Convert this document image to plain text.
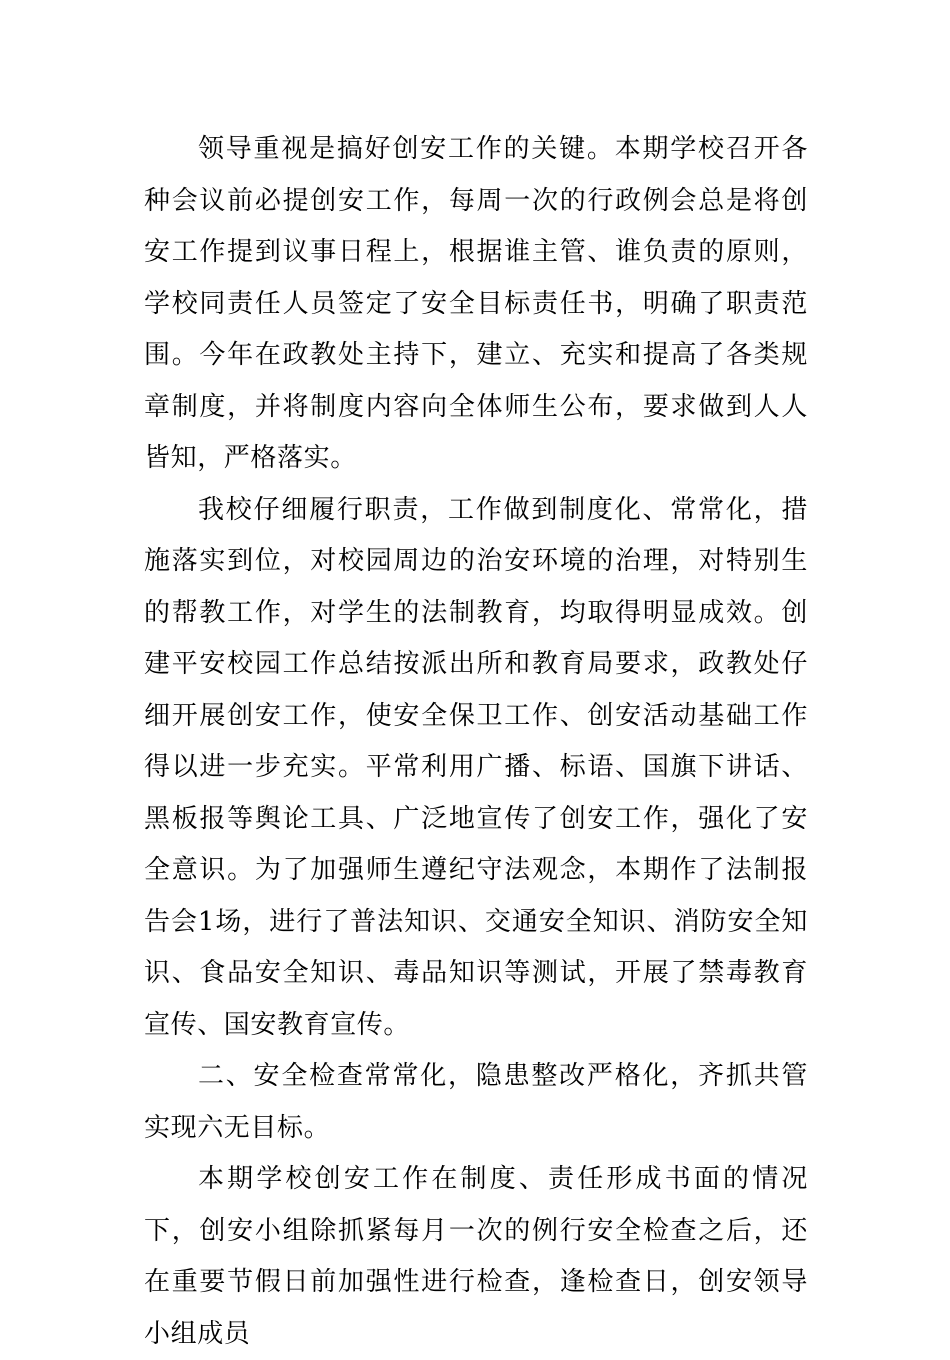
领导重视是搞好创安工作的关键。本期学校召开各种会议前必提创安工作，每周一次的行政例会总是将创安工作提到议事日程上，根据谁主管、谁负责的原则，学校同责任人员签定了安全目标责任书，明确了职责范围。今年在政教处主持下，建立、充实和提高了各类规章制度，并将制度内容向全体师生公布，要求做到人人皆知，严格落实。

我校仔细履行职责，工作做到制度化、常常化，措施落实到位，对校园周边的治安环境的治理，对特别生的帮教工作，对学生的法制教育，均取得明显成效。创建平安校园工作总结按派出所和教育局要求，政教处仔细开展创安工作，使安全保卫工作、创安活动基础工作得以进一步充实。平常利用广播、标语、国旗下讲话、黑板报等舆论工具、广泛地宣传了创安工作，强化了安全意识。为了加强师生遵纪守法观念，本期作了法制报告会1场，进行了普法知识、交通安全知识、消防安全知识、食品安全知识、毒品知识等测试，开展了禁毒教育宣传、国安教育宣传。

二、安全检查常常化，隐患整改严格化，齐抓共管实现六无目标。

本期学校创安工作在制度、责任形成书面的情况下，创安小组除抓紧每月一次的例行安全检查之后，还在重要节假日前加强性进行检查，逢检查日，创安领导小组成员
